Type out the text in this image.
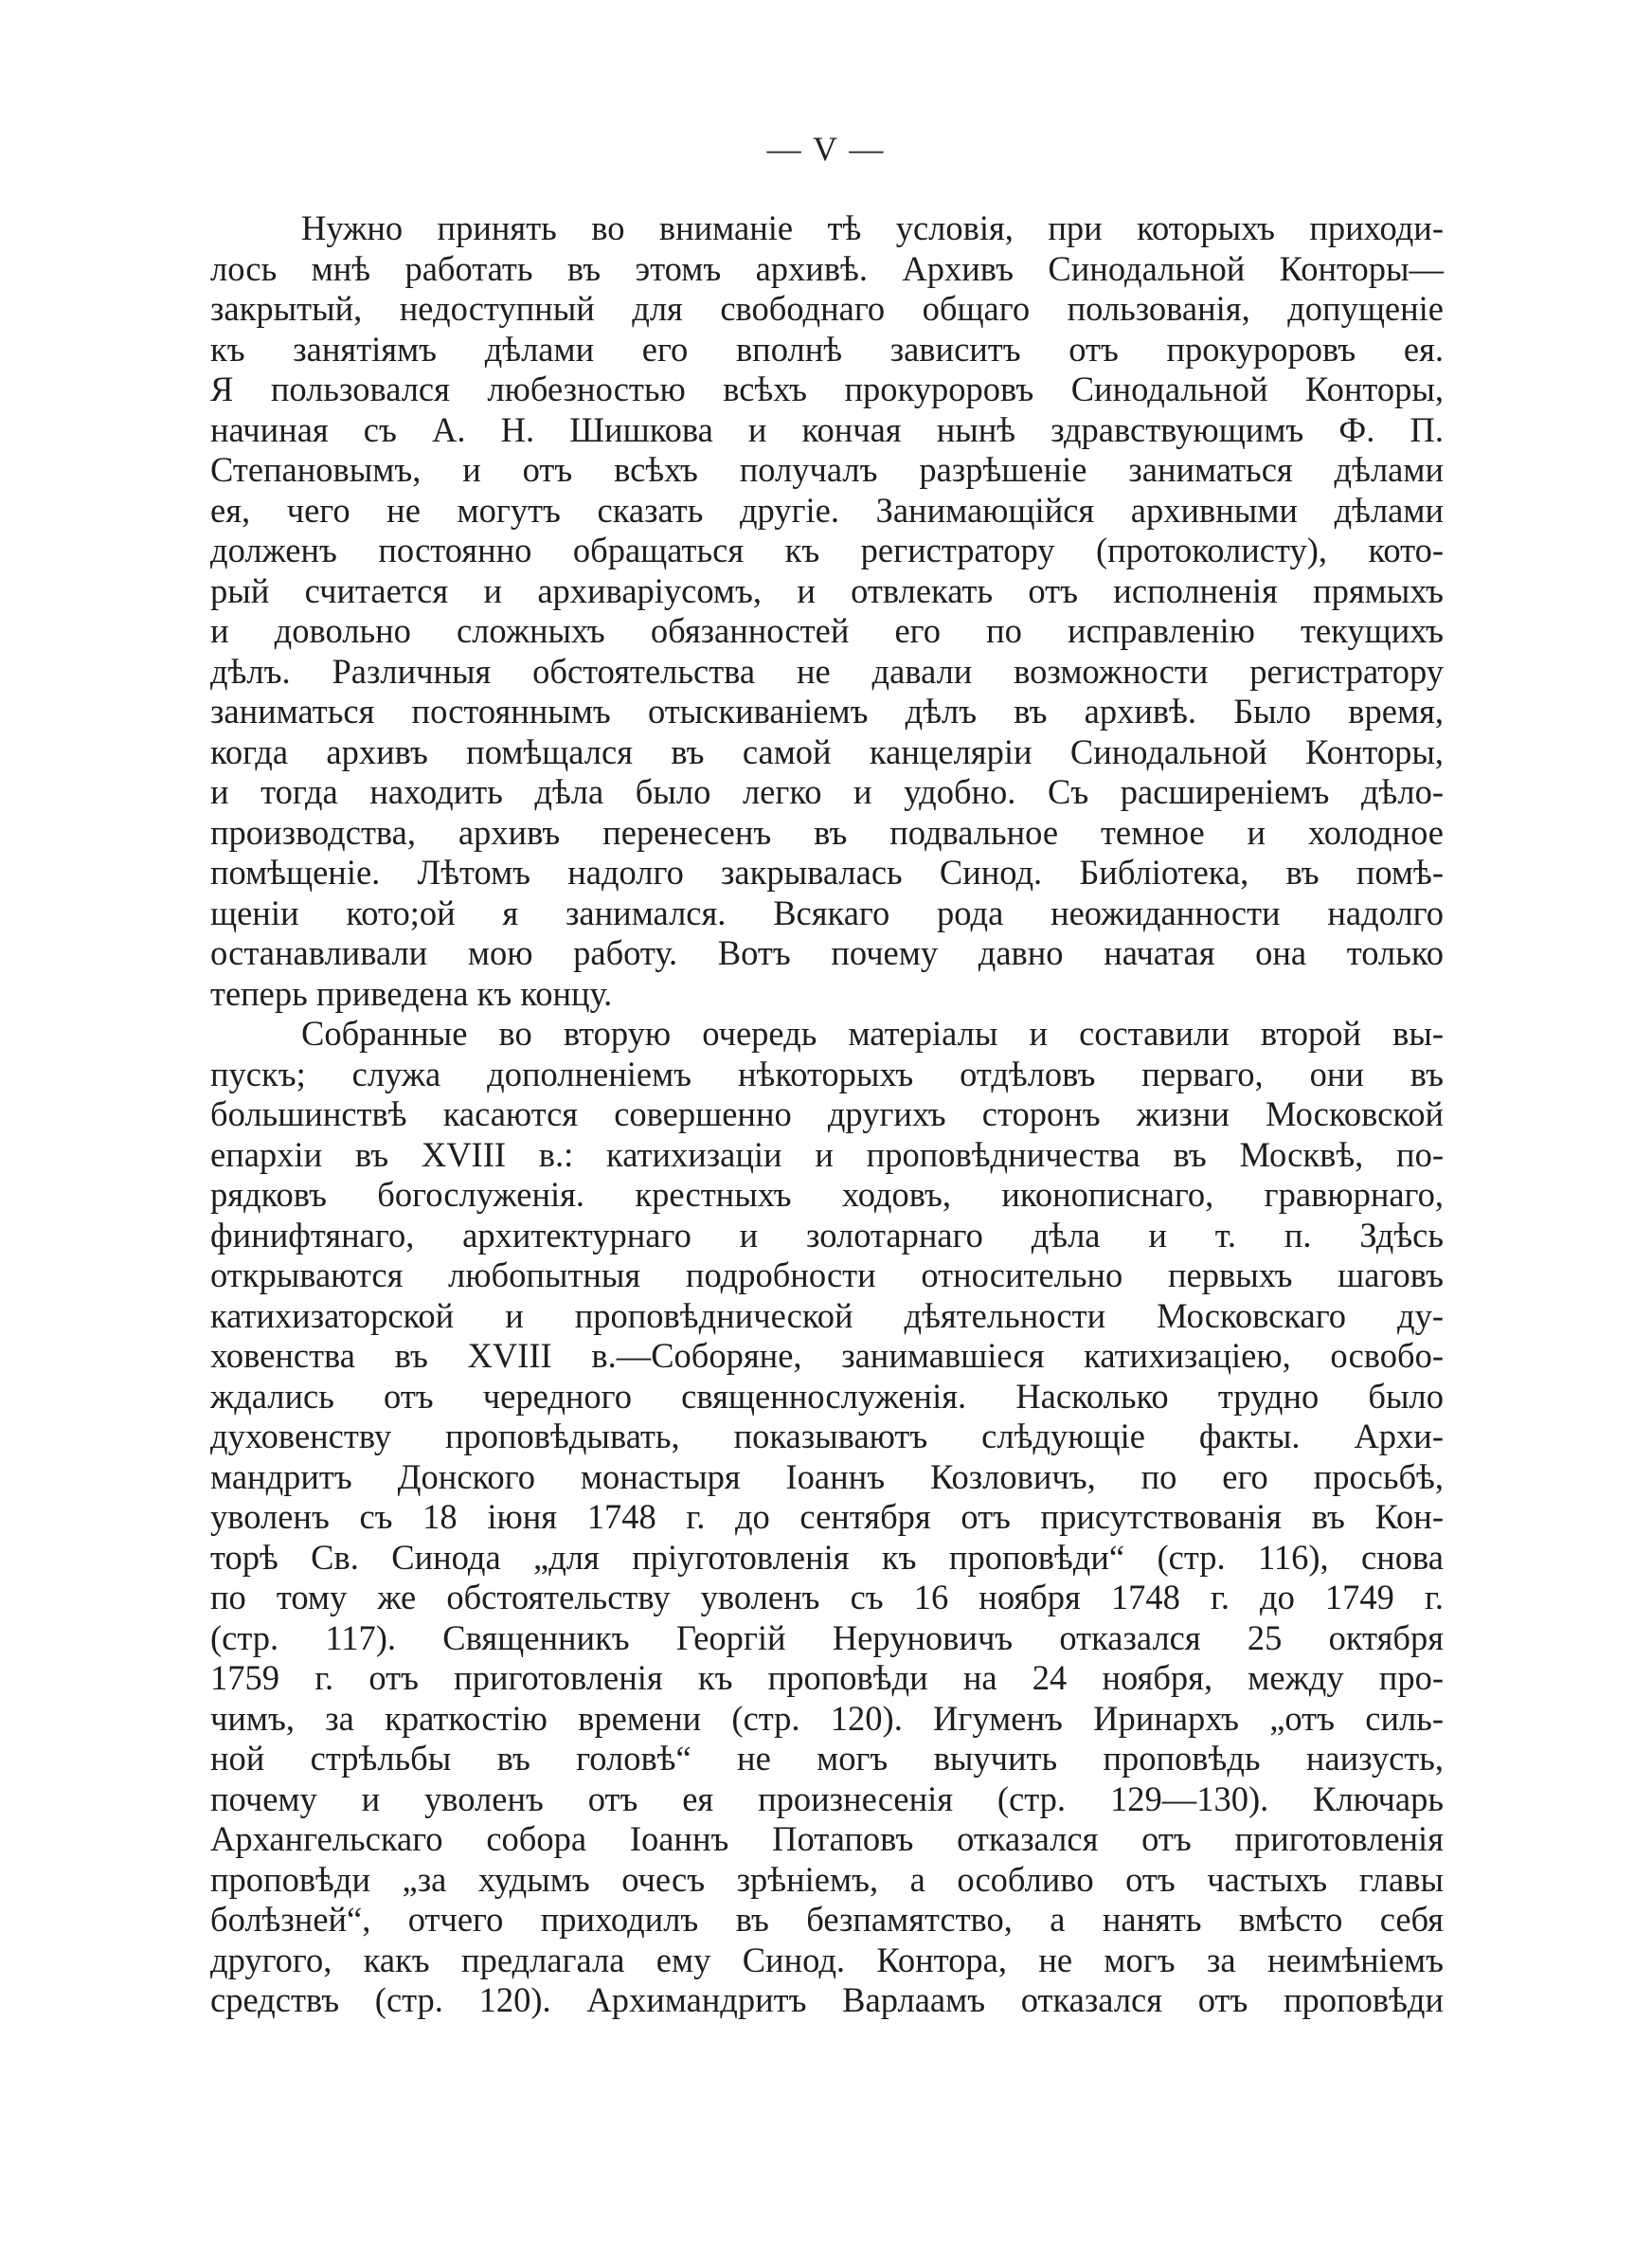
— V —
Нужно принять во вниманіе тѣ условія, при которыхъ приходи-
лось мнѣ работать въ этомъ архивѣ. Архивъ Синодальной Конторы—
закрытый, недоступный для свободнаго общаго пользованія, допущеніе
къ занятіямъ дѣлами его вполнѣ зависитъ отъ прокуроровъ ея.
Я пользовался любезностью всѣхъ прокуроровъ Синодальной Конторы,
начиная съ А. Н. Шишкова и кончая нынѣ здравствующимъ Ф. П.
Степановымъ, и отъ всѣхъ получалъ разрѣшеніе заниматься дѣлами
ея, чего не могутъ сказать другіе. Занимающійся архивными дѣлами
долженъ постоянно обращаться къ регистратору (протоколисту), кото-
рый считается и архиваріусомъ, и отвлекать отъ исполненія прямыхъ
и довольно сложныхъ обязанностей его по исправленію текущихъ
дѣлъ. Различныя обстоятельства не давали возможности регистратору
заниматься постояннымъ отыскиваніемъ дѣлъ въ архивѣ. Было время,
когда архивъ помѣщался въ самой канцеляріи Синодальной Конторы,
и тогда находить дѣла было легко и удобно. Съ расширеніемъ дѣло-
производства, архивъ перенесенъ въ подвальное темное и холодное
помѣщеніе. Лѣтомъ надолго закрывалась Синод. Библіотека, въ помѣ-
щеніи кото;ой я занимался. Всякаго рода неожиданности надолго
останавливали мою работу. Вотъ почему давно начатая она только
теперь приведена къ концу.
Собранные во вторую очередь матеріалы и составили второй вы-
пускъ; служа дополненіемъ нѣкоторыхъ отдѣловъ перваго, они въ
большинствѣ касаются совершенно другихъ сторонъ жизни Московской
епархіи въ XVIII в.: катихизаціи и проповѣдничества въ Москвѣ, по-
рядковъ богослуженія. крестныхъ ходовъ, иконописнаго, гравюрнаго,
финифтянаго, архитектурнаго и золотарнаго дѣла и т. п. Здѣсь
открываются любопытныя подробности относительно первыхъ шаговъ
катихизаторской и проповѣднической дѣятельности Московскаго ду-
ховенства въ XVIII в.—Соборяне, занимавшіеся катихизаціею, освобо-
ждались отъ чередного священнослуженія. Насколько трудно было
духовенству проповѣдывать, показываютъ слѣдующіе факты. Архи-
мандритъ Донского монастыря Іоаннъ Козловичъ, по его просьбѣ,
уволенъ съ 18 іюня 1748 г. до сентября отъ присутствованія въ Кон-
торѣ Св. Синода „для пріуготовленія къ проповѣди“ (стр. 116), снова
по тому же обстоятельству уволенъ съ 16 ноября 1748 г. до 1749 г.
(стр. 117). Священникъ Георгій Неруновичъ отказался 25 октября
1759 г. отъ приготовленія къ проповѣди на 24 ноября, между про-
чимъ, за краткостію времени (стр. 120). Игуменъ Иринархъ „отъ силь-
ной стрѣльбы въ головѣ“ не могъ выучить проповѣдь наизусть,
почему и уволенъ отъ ея произнесенія (стр. 129—130). Ключарь
Архангельскаго собора Іоаннъ Потаповъ отказался отъ приготовленія
проповѣди „за худымъ очесъ зрѣніемъ, а особливо отъ частыхъ главы
болѣзней“, отчего приходилъ въ безпамятство, а нанять вмѣсто себя
другого, какъ предлагала ему Синод. Контора, не могъ за неимѣніемъ
средствъ (стр. 120). Архимандритъ Варлаамъ отказался отъ проповѣди
